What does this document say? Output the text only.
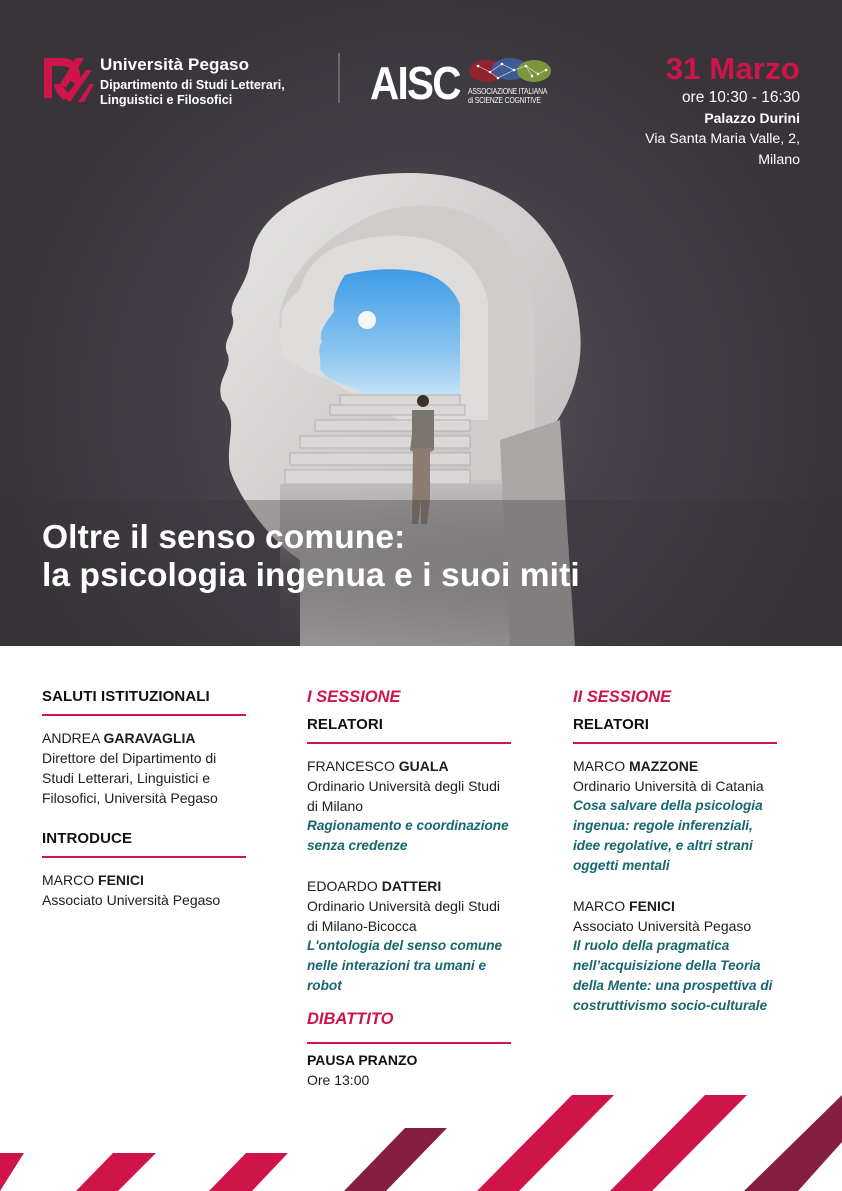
Università Pegaso
Dipartimento di Studi Letterari,
Linguistici e Filosofici	AISC ASSOCIAZIONE ITALIANA
di SCIENZE COGNITIVE
31 Marzo
ore 10:30 - 16:30
Palazzo Durini
Via Santa Maria Valle, 2,
Milano
Oltre il senso comune:
la psicologia ingenua e i suoi miti
SALUTI ISTITUZIONALI
ANDREA GARAVAGLIA
Direttore del Dipartimento di
Studi Letterari, Linguistici e
Filosofici, Università Pegaso
INTRODUCE
MARCO FENICI
Associato Università Pegaso
I SESSIONE
RELATORI
FRANCESCO GUALA
Ordinario Università degli Studi
di Milano
Ragionamento e coordinazione
senza credenze
EDOARDO DATTERI
Ordinario Università degli Studi
di Milano-Bicocca
L'ontologia del senso comune
nelle interazioni tra umani e
robot
DIBATTITO
PAUSA PRANZO
Ore 13:00
II SESSIONE
RELATORI
MARCO MAZZONE
Ordinario Università di Catania
Cosa salvare della psicologia
ingenua: regole inferenziali,
idee regolative, e altri strani
oggetti mentali
MARCO FENICI
Associato Università Pegaso
Il ruolo della pragmatica
nell’acquisizione della Teoria
della Mente: una prospettiva di
costruttivismo socio-culturale
